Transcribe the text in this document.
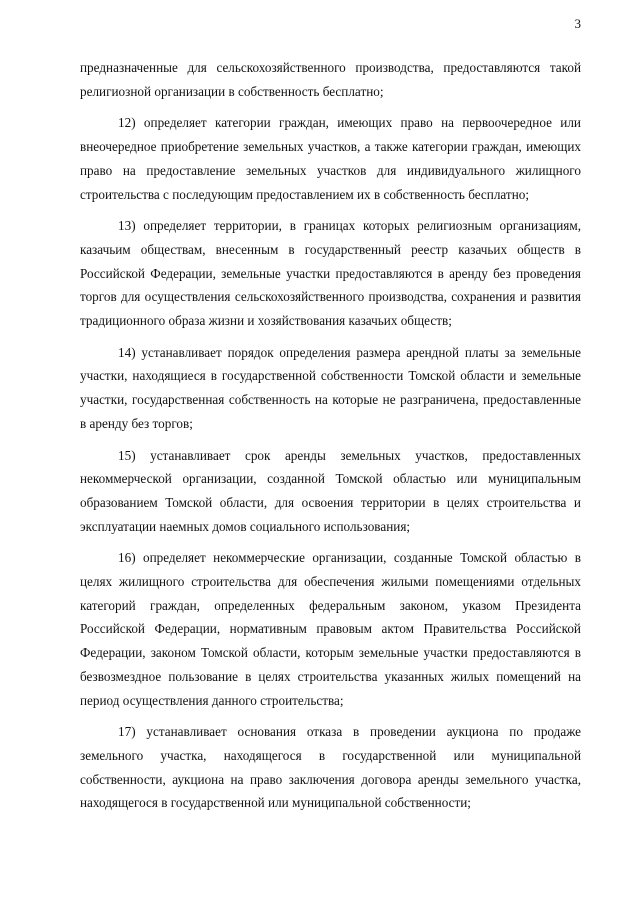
3

предназначенные для сельскохозяйственного производства, предоставляются такой религиозной организации в собственность бесплатно;

12) определяет категории граждан, имеющих право на первоочередное или внеочередное приобретение земельных участков, а также категории граждан, имеющих право на предоставление земельных участков для индивидуального жилищного строительства с последующим предоставлением их в собственность бесплатно;

13) определяет территории, в границах которых религиозным организациям, казачьим обществам, внесенным в государственный реестр казачьих обществ в Российской Федерации, земельные участки предоставляются в аренду без проведения торгов для осуществления сельскохозяйственного производства, сохранения и развития традиционного образа жизни и хозяйствования казачьих обществ;

14) устанавливает порядок определения размера арендной платы за земельные участки, находящиеся в государственной собственности Томской области и земельные участки, государственная собственность на которые не разграничена, предоставленные в аренду без торгов;

15) устанавливает срок аренды земельных участков, предоставленных некоммерческой организации, созданной Томской областью или муниципальным образованием Томской области, для освоения территории в целях строительства и эксплуатации наемных домов социального использования;

16) определяет некоммерческие организации, созданные Томской областью в целях жилищного строительства для обеспечения жилыми помещениями отдельных категорий граждан, определенных федеральным законом, указом Президента Российской Федерации, нормативным правовым актом Правительства Российской Федерации, законом Томской области, которым земельные участки предоставляются в безвозмездное пользование в целях строительства указанных жилых помещений на период осуществления данного строительства;

17) устанавливает основания отказа в проведении аукциона по продаже земельного участка, находящегося в государственной или муниципальной собственности, аукциона на право заключения договора аренды земельного участка, находящегося в государственной или муниципальной собственности;
